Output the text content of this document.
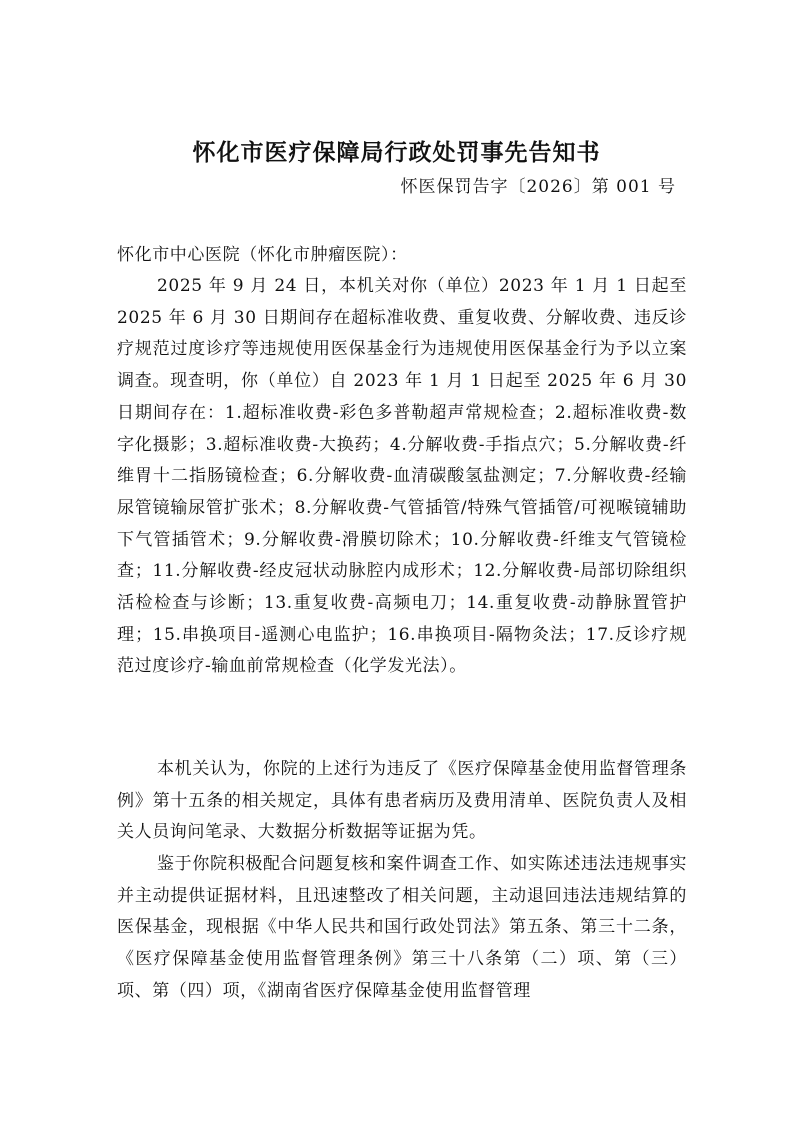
怀化市医疗保障局行政处罚事先告知书
怀医保罚告字〔2026〕第 001 号
怀化市中心医院（怀化市肿瘤医院）：

2025 年 9 月 24 日，本机关对你（单位）2023 年 1 月 1 日起至 2025 年 6 月 30 日期间存在超标准收费、重复收费、分解收费、违反诊疗规范过度诊疗等违规使用医保基金行为违规使用医保基金行为予以立案调查。现查明，你（单位）自 2023 年 1 月 1 日起至 2025 年 6 月 30 日期间存在：1.超标准收费-彩色多普勒超声常规检查；2.超标准收费-数字化摄影；3.超标准收费-大换药；4.分解收费-手指点穴；5.分解收费-纤维胃十二指肠镜检查；6.分解收费-血清碳酸氢盐测定；7.分解收费-经输尿管镜输尿管扩张术；8.分解收费-气管插管/特殊气管插管/可视喉镜辅助下气管插管术；9.分解收费-滑膜切除术；10.分解收费-纤维支气管镜检查；11.分解收费-经皮冠状动脉腔内成形术；12.分解收费-局部切除组织活检检查与诊断；13.重复收费-高频电刀；14.重复收费-动静脉置管护理；15.串换项目-遥测心电监护；16.串换项目-隔物灸法；17.反诊疗规范过度诊疗-输血前常规检查（化学发光法）。

本机关认为，你院的上述行为违反了《医疗保障基金使用监督管理条例》第十五条的相关规定，具体有患者病历及费用清单、医院负责人及相关人员询问笔录、大数据分析数据等证据为凭。

鉴于你院积极配合问题复核和案件调查工作、如实陈述违法违规事实并主动提供证据材料，且迅速整改了相关问题，主动退回违法违规结算的医保基金，现根据《中华人民共和国行政处罚法》第五条、第三十二条，《医疗保障基金使用监督管理条例》第三十八条第（二）项、第（三）项、第（四）项，《湖南省医疗保障基金使用监督管理
